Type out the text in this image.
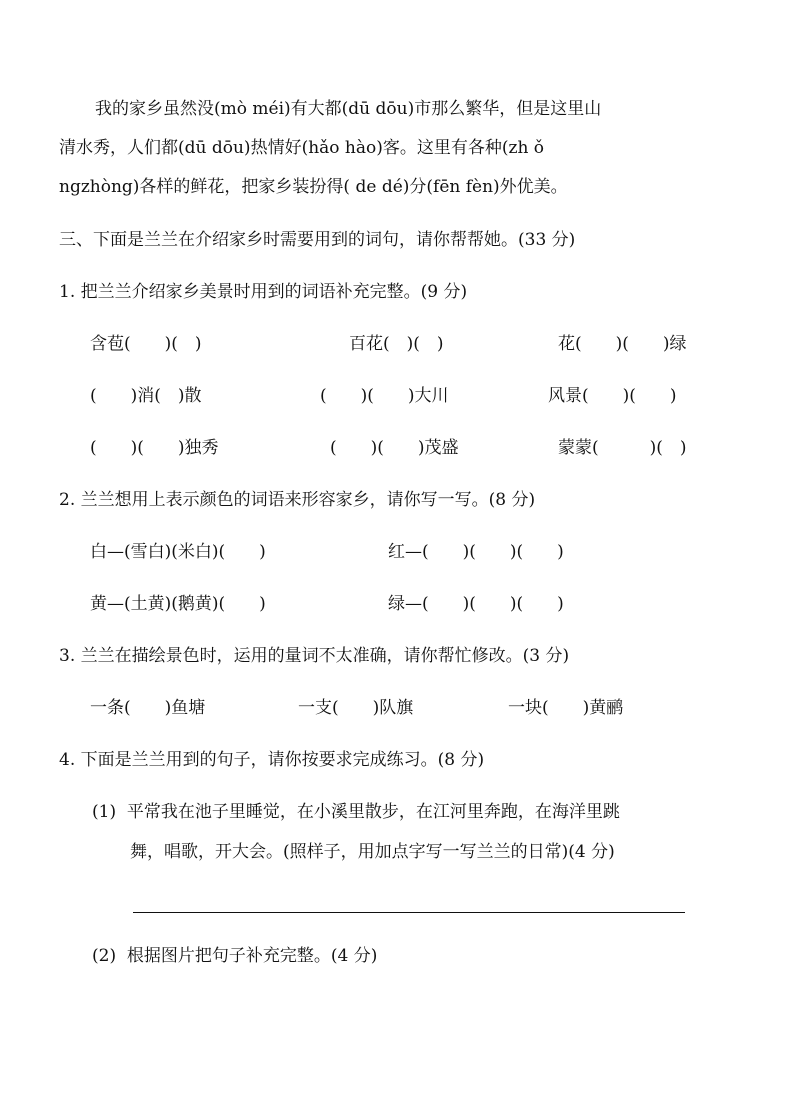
我的家乡虽然没(mò méi)有大都(dū dōu)市那么繁华，但是这里山
清水秀，人们都(dū dōu)热情好(hǎo hào)客。这里有各种(zh ǒ
ngzhòng)各样的鲜花，把家乡装扮得( de dé)分(fēn fèn)外优美。
三、下面是兰兰在介绍家乡时需要用到的词句，请你帮帮她。(33 分)
1. 把兰兰介绍家乡美景时用到的词语补充完整。(9 分)
含苞(　　)(　)	百花(　)(　)	花(　　)(　　)绿
(　　)消(　)散	(　　)(　　)大川	风景(　　)(　　)
(　　)(　　)独秀	(　　)(　　)茂盛	蒙蒙(　　　)(　)
2. 兰兰想用上表示颜色的词语来形容家乡，请你写一写。(8 分)
白—(雪白)(米白)(　　)	红—(　　)(　　)(　　)
黄—(土黄)(鹅黄)(　　)	绿—(　　)(　　)(　　)
3. 兰兰在描绘景色时，运用的量词不太准确，请你帮忙修改。(3 分)
一条(　　)鱼塘	一支(　　)队旗	一块(　　)黄鹂
4. 下面是兰兰用到的句子，请你按要求完成练习。(8 分)
(1)  平常我在池子里睡觉，在小溪里散步，在江河里奔跑，在海洋里跳
舞，唱歌，开大会。(照样子，用加点字写一写兰兰的日常)(4 分)
(2)  根据图片把句子补充完整。(4 分)
